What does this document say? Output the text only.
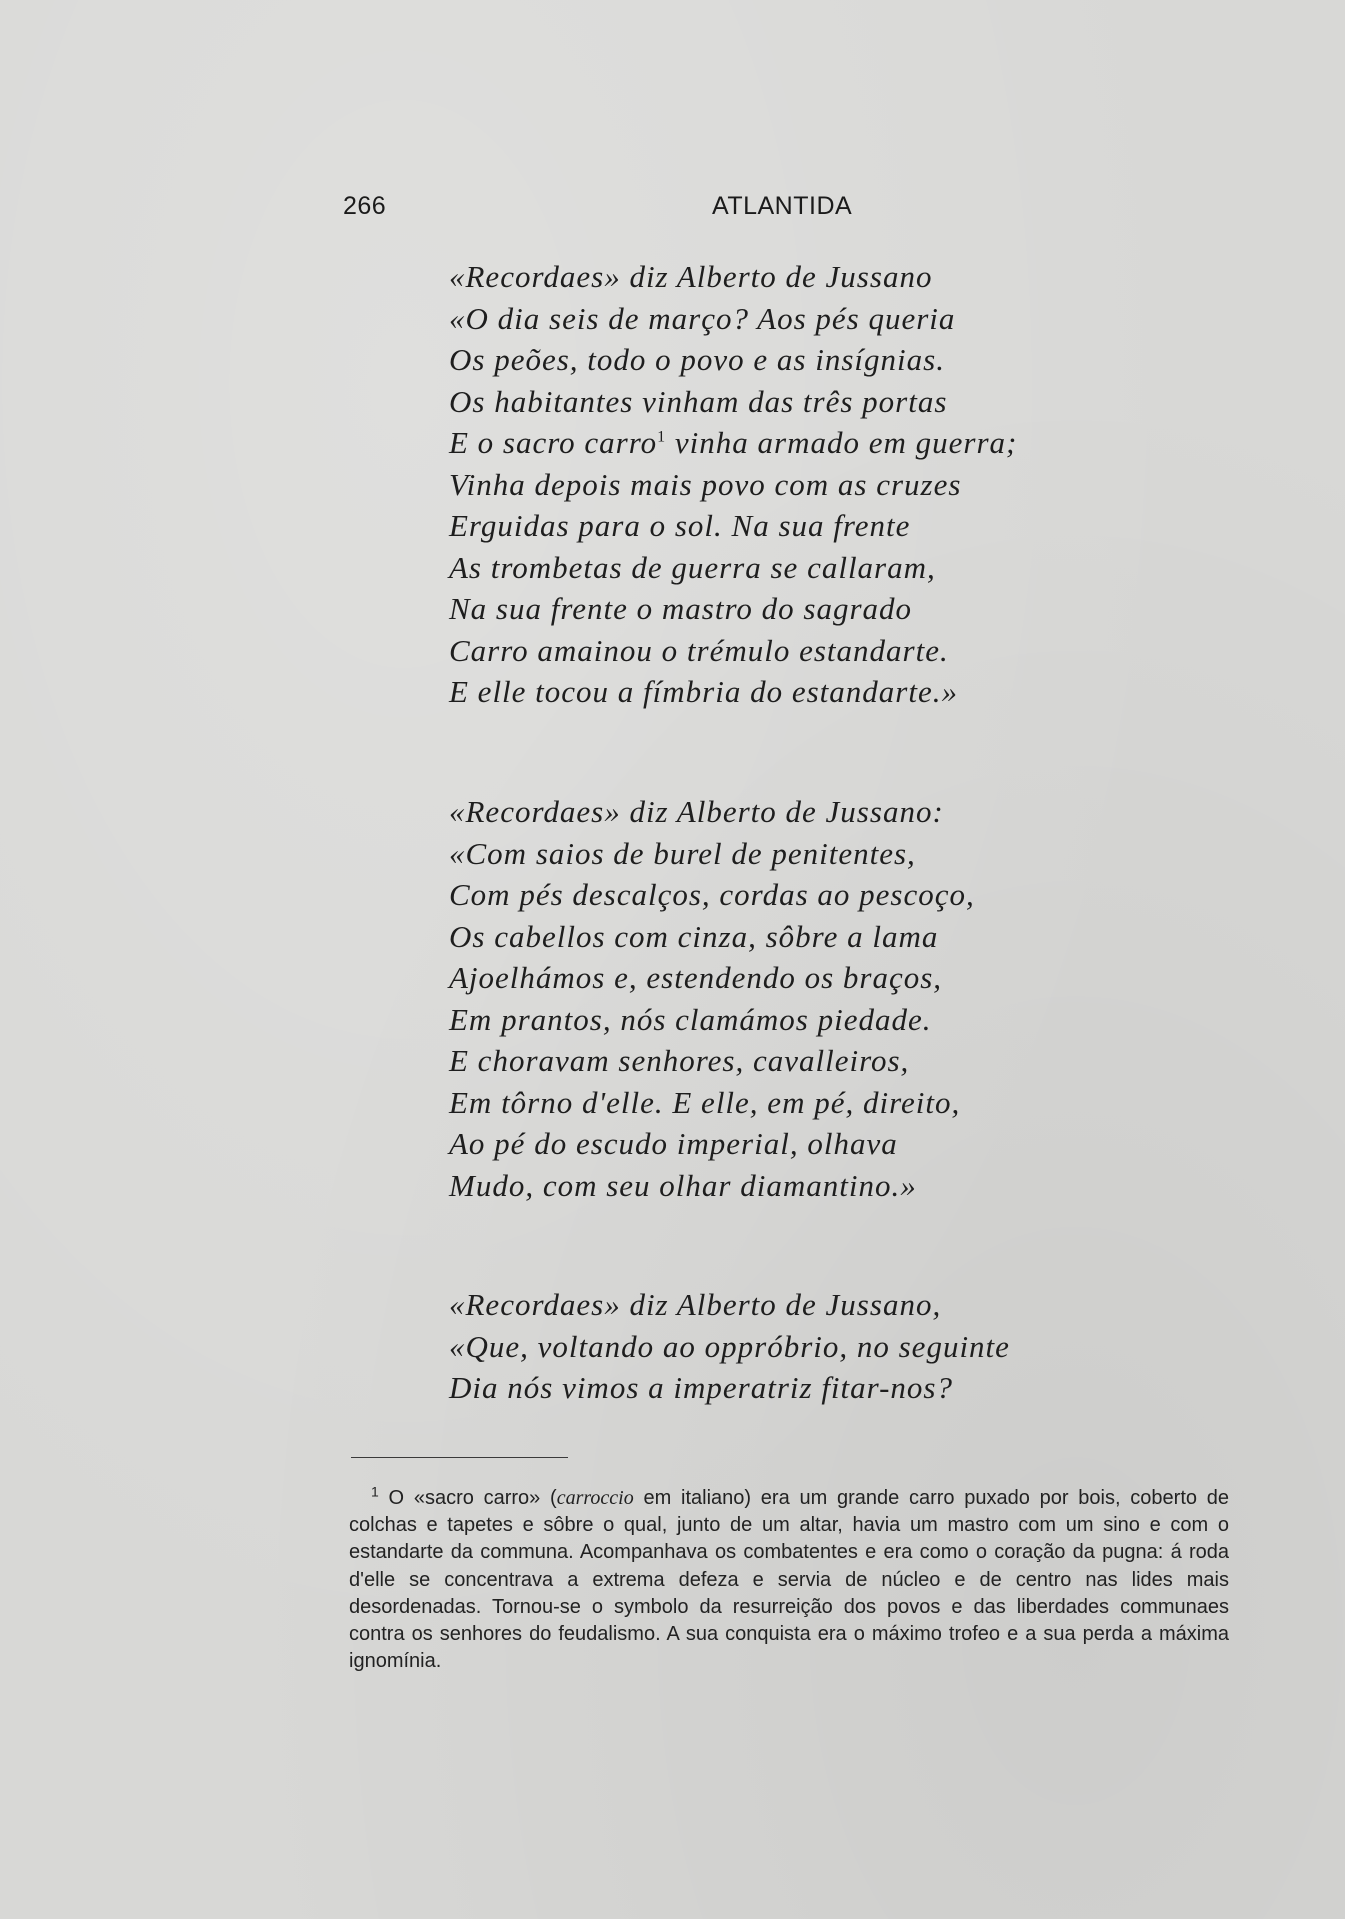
266	ATLANTIDA
«Recordaes» diz Alberto de Jussano
«O dia seis de março? Aos pés queria
Os peões, todo o povo e as insígnias.
Os habitantes vinham das três portas
E o sacro carro$^1$ vinha armado em guerra;
Vinha depois mais povo com as cruzes
Erguidas para o sol. Na sua frente
As trombetas de guerra se callaram,
Na sua frente o mastro do sagrado
Carro amainou o trémulo estandarte.
E elle tocou a fímbria do estandarte.»
«Recordaes» diz Alberto de Jussano:
«Com saios de burel de penitentes,
Com pés descalços, cordas ao pescoço,
Os cabellos com cinza, sôbre a lama
Ajoelhámos e, estendendo os braços,
Em prantos, nós clamámos piedade.
E choravam senhores, cavalleiros,
Em tôrno d'elle. E elle, em pé, direito,
Ao pé do escudo imperial, olhava
Mudo, com seu olhar diamantino.»
«Recordaes» diz Alberto de Jussano,
«Que, voltando ao oppróbrio, no seguinte
Dia nós vimos a imperatriz fitar-nos?

$^1$ O «sacro carro» (carroccio em italiano) era um grande carro puxado por bois, coberto de colchas e tapetes e sôbre o qual, junto de um altar, havia um mastro com um sino e com o estandarte da communa. Acompanhava os combatentes e era como o coração da pugna: á roda d'elle se concentrava a extrema defeza e servia de núcleo e de centro nas lides mais desordenadas. Tornou-se o symbolo da resurreição dos povos e das liberdades communaes contra os senhores do feudalismo. A sua conquista era o máximo trofeo e a sua perda a máxima ignomínia.
